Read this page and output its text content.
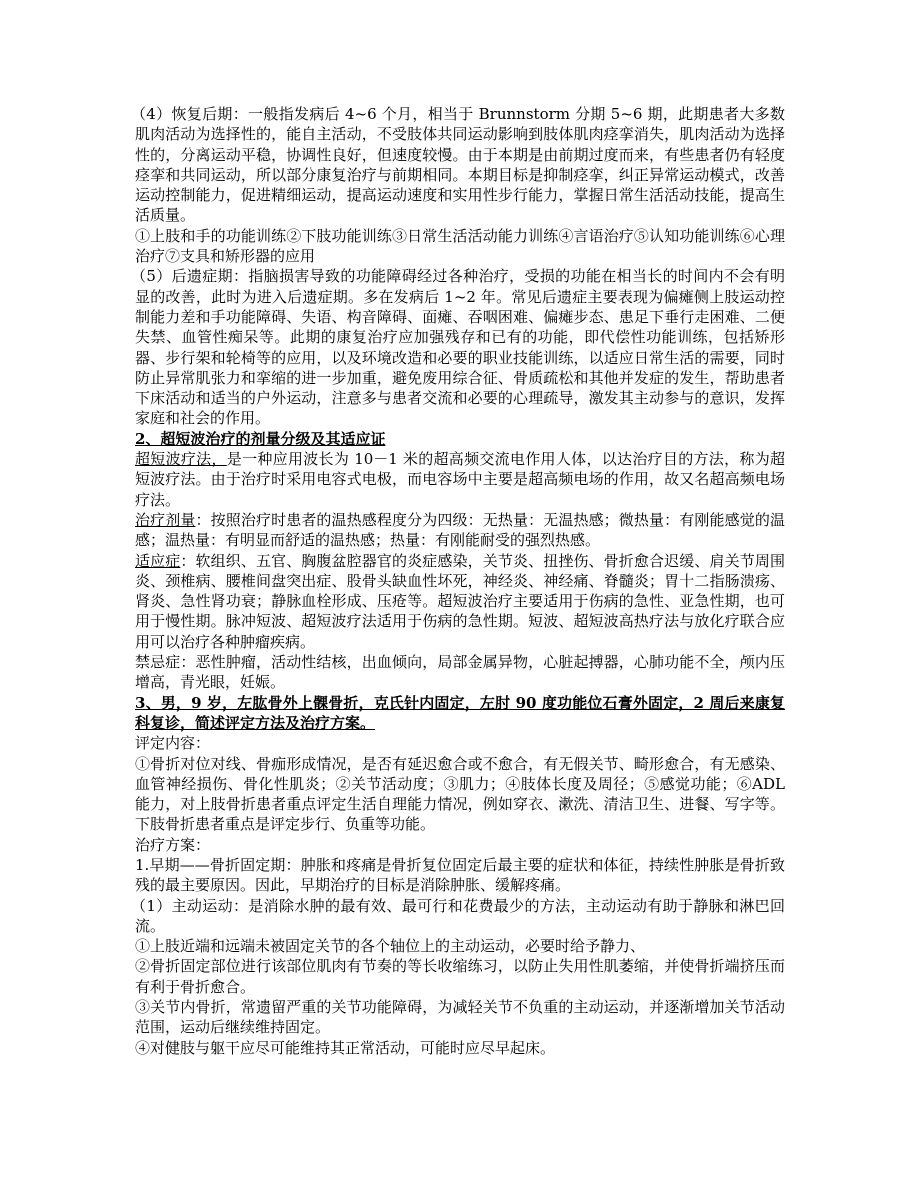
（4）恢复后期：一般指发病后 4~6 个月，相当于 Brunnstorm 分期 5~6 期，此期患者大多数肌肉活动为选择性的，能自主活动，不受肢体共同运动影响到肢体肌肉痉挛消失，肌肉活动为选择性的，分离运动平稳，协调性良好，但速度较慢。由于本期是由前期过度而来，有些患者仍有轻度痉挛和共同运动，所以部分康复治疗与前期相同。本期目标是抑制痉挛，纠正异常运动模式，改善运动控制能力，促进精细运动，提高运动速度和实用性步行能力，掌握日常生活活动技能，提高生活质量。

①上肢和手的功能训练②下肢功能训练③日常生活活动能力训练④言语治疗⑤认知功能训练⑥心理治疗⑦支具和矫形器的应用

（5）后遗症期：指脑损害导致的功能障碍经过各种治疗，受损的功能在相当长的时间内不会有明显的改善，此时为进入后遗症期。多在发病后 1~2 年。常见后遗症主要表现为偏瘫侧上肢运动控制能力差和手功能障碍、失语、构音障碍、面瘫、吞咽困难、偏瘫步态、患足下垂行走困难、二便失禁、血管性痴呆等。此期的康复治疗应加强残存和已有的功能，即代偿性功能训练，包括矫形器、步行架和轮椅等的应用，以及环境改造和必要的职业技能训练，以适应日常生活的需要，同时防止异常肌张力和挛缩的进一步加重，避免废用综合征、骨质疏松和其他并发症的发生，帮助患者下床活动和适当的户外运动，注意多与患者交流和必要的心理疏导，激发其主动参与的意识，发挥家庭和社会的作用。

2、超短波治疗的剂量分级及其适应证

超短波疗法，是一种应用波长为 10－1 米的超高频交流电作用人体，以达治疗目的方法，称为超短波疗法。由于治疗时采用电容式电极，而电容场中主要是超高频电场的作用，故又名超高频电场疗法。

治疗剂量：按照治疗时患者的温热感程度分为四级：无热量：无温热感；微热量：有刚能感觉的温感；温热量：有明显而舒适的温热感；热量：有刚能耐受的强烈热感。

适应症：软组织、五官、胸腹盆腔器官的炎症感染，关节炎、扭挫伤、骨折愈合迟缓、肩关节周围炎、颈椎病、腰椎间盘突出症、股骨头缺血性坏死，神经炎、神经痛、脊髓炎；胃十二指肠溃疡、肾炎、急性肾功衰；静脉血栓形成、压疮等。超短波治疗主要适用于伤病的急性、亚急性期，也可用于慢性期。脉冲短波、超短波疗法适用于伤病的急性期。短波、超短波高热疗法与放化疗联合应用可以治疗各种肿瘤疾病。

禁忌症：恶性肿瘤，活动性结核，出血倾向，局部金属异物，心脏起搏器，心肺功能不全，颅内压增高，青光眼，妊娠。

3、男，9 岁，左肱骨外上髁骨折，克氏针内固定，左肘 90 度功能位石膏外固定，2 周后来康复科复诊，简述评定方法及治疗方案。

评定内容：

①骨折对位对线、骨痂形成情况，是否有延迟愈合或不愈合，有无假关节、畸形愈合，有无感染、血管神经损伤、骨化性肌炎；②关节活动度；③肌力；④肢体长度及周径；⑤感觉功能；⑥ADL 能力，对上肢骨折患者重点评定生活自理能力情况，例如穿衣、漱洗、清洁卫生、进餐、写字等。下肢骨折患者重点是评定步行、负重等功能。

治疗方案：

1.早期——骨折固定期：肿胀和疼痛是骨折复位固定后最主要的症状和体征，持续性肿胀是骨折致残的最主要原因。因此，早期治疗的目标是消除肿胀、缓解疼痛。

（1）主动运动：是消除水肿的最有效、最可行和花费最少的方法，主动运动有助于静脉和淋巴回流。

①上肢近端和远端未被固定关节的各个轴位上的主动运动，必要时给予静力、

②骨折固定部位进行该部位肌肉有节奏的等长收缩练习，以防止失用性肌萎缩，并使骨折端挤压而有利于骨折愈合。

③关节内骨折，常遗留严重的关节功能障碍，为减轻关节不负重的主动运动，并逐渐增加关节活动范围，运动后继续维持固定。

④对健肢与躯干应尽可能维持其正常活动，可能时应尽早起床。
